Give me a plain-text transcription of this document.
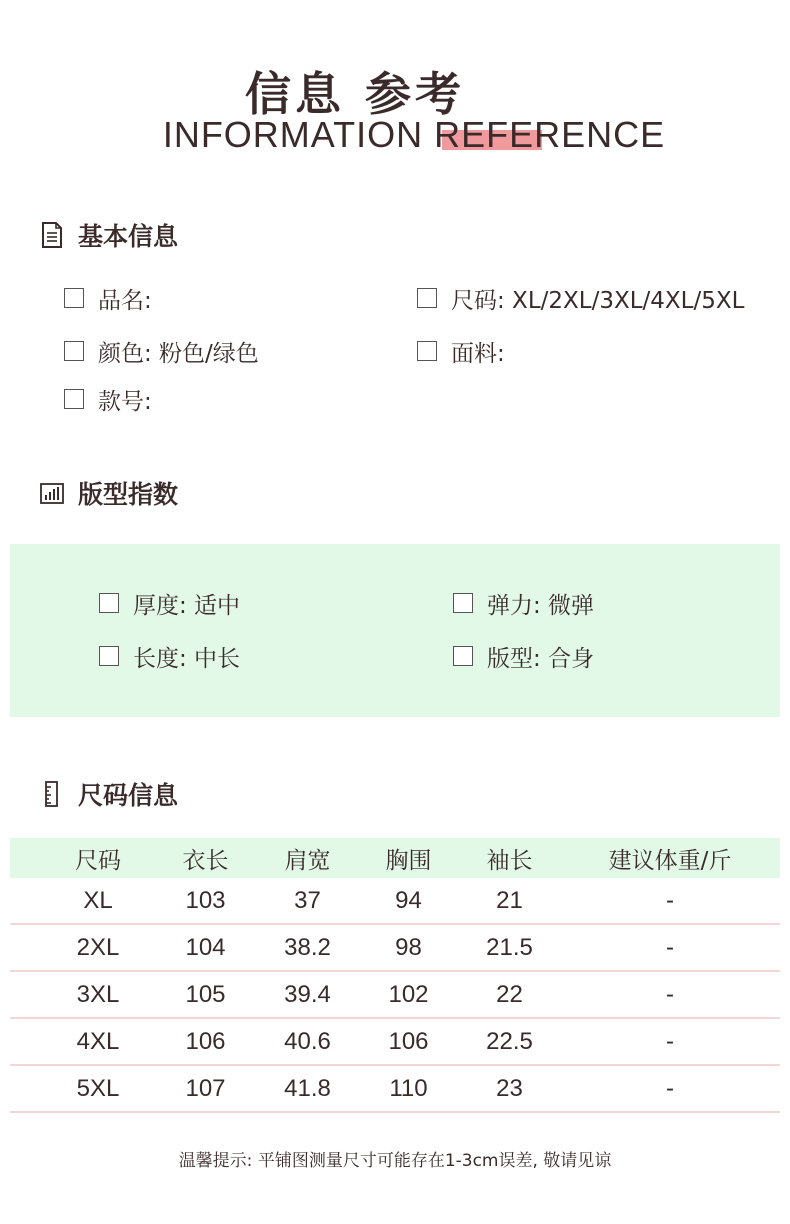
信息 参考
INFORMATION REFERENCE
基本信息
品名:	尺码: XL/2XL/3XL/4XL/5XL
颜色: 粉色/绿色	面料:
款号:
版型指数
厚度: 适中	弹力: 微弹
长度: 中长	版型: 合身
尺码信息
尺码	衣长	肩宽	胸围	袖长	建议体重/斤
XL	103	37	94	21	-
2XL	104	38.2	98	21.5	-
3XL	105	39.4	102	22	-
4XL	106	40.6	106	22.5	-
5XL	107	41.8	110	23	-
温馨提示: 平铺图测量尺寸可能存在1-3cm误差, 敬请见谅
